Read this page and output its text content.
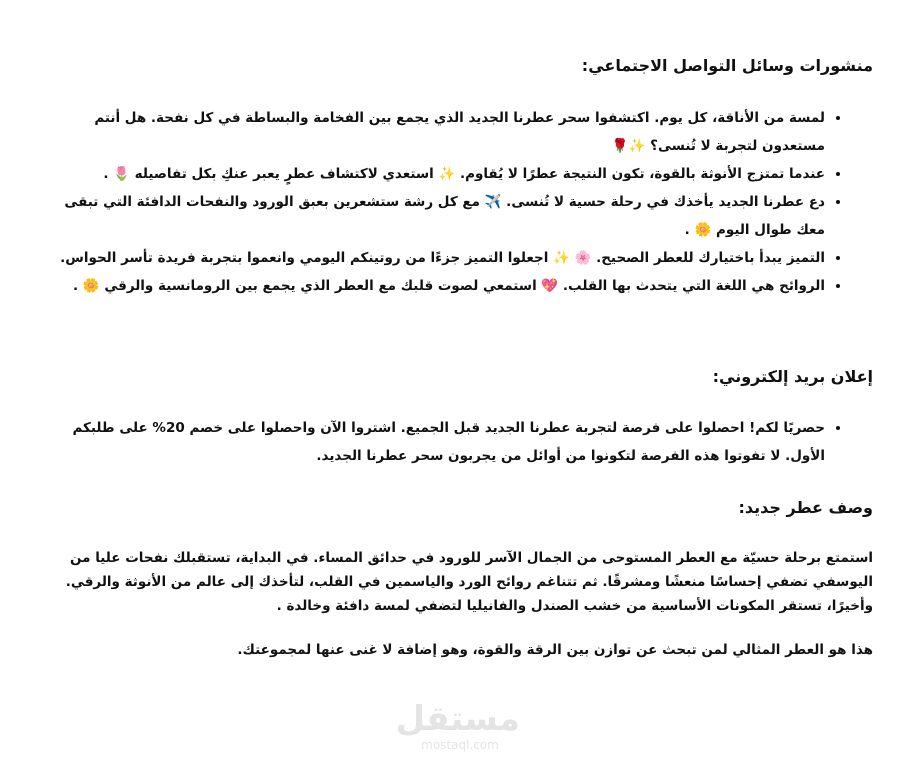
منشورات وسائل التواصل الاجتماعي:
• لمسة من الأناقة، كل يوم. اكتشفوا سحر عطرنا الجديد الذي يجمع بين الفخامة والبساطة في كل نفحة. هل أنتم مستعدون لتجربة لا تُنسى؟ ✨🌹
• عندما تمتزج الأنوثة بالقوة، تكون النتيجة عطرًا لا يُقاوم. ✨ استعدي لاكتشاف عطرٍ يعبر عنكِ بكل تفاصيله 🌷 .
• دع عطرنا الجديد يأخذك في رحلة حسية لا تُنسى. ✈️ مع كل رشة ستشعرين بعبق الورود والنفحات الدافئة التي تبقى معك طوال اليوم 🌼 .
• التميز يبدأ باختيارك للعطر الصحيح. 🌸 ✨ اجعلوا التميز جزءًا من روتينكم اليومي وانعموا بتجربة فريدة تأسر الحواس.
• الروائح هي اللغة التي يتحدث بها القلب. 💖 استمعي لصوت قلبك مع العطر الذي يجمع بين الرومانسية والرقي 🌼 .
إعلان بريد إلكتروني:
• حصريًا لكم! احصلوا على فرصة لتجربة عطرنا الجديد قبل الجميع. اشتروا الآن واحصلوا على خصم 20% على طلبكم الأول. لا تفوتوا هذه الفرصة لتكونوا من أوائل من يجربون سحر عطرنا الجديد.
وصف عطر جديد:

استمتع برحلة حسيّة مع العطر المستوحى من الجمال الآسر للورود في حدائق المساء. في البداية، تستقبلك نفحات عليا من اليوسفي تضفي إحساسًا منعشًا ومشرقًا. ثم تتناغم روائح الورد والياسمين في القلب، لتأخذك إلى عالم من الأنوثة والرقي. وأخيرًا، تستقر المكونات الأساسية من خشب الصندل والفانيليا لتضفي لمسة دافئة وخالدة .

هذا هو العطر المثالي لمن تبحث عن توازن بين الرقة والقوة، وهو إضافة لا غنى عنها لمجموعتك.

مستقل
mostaql.com
